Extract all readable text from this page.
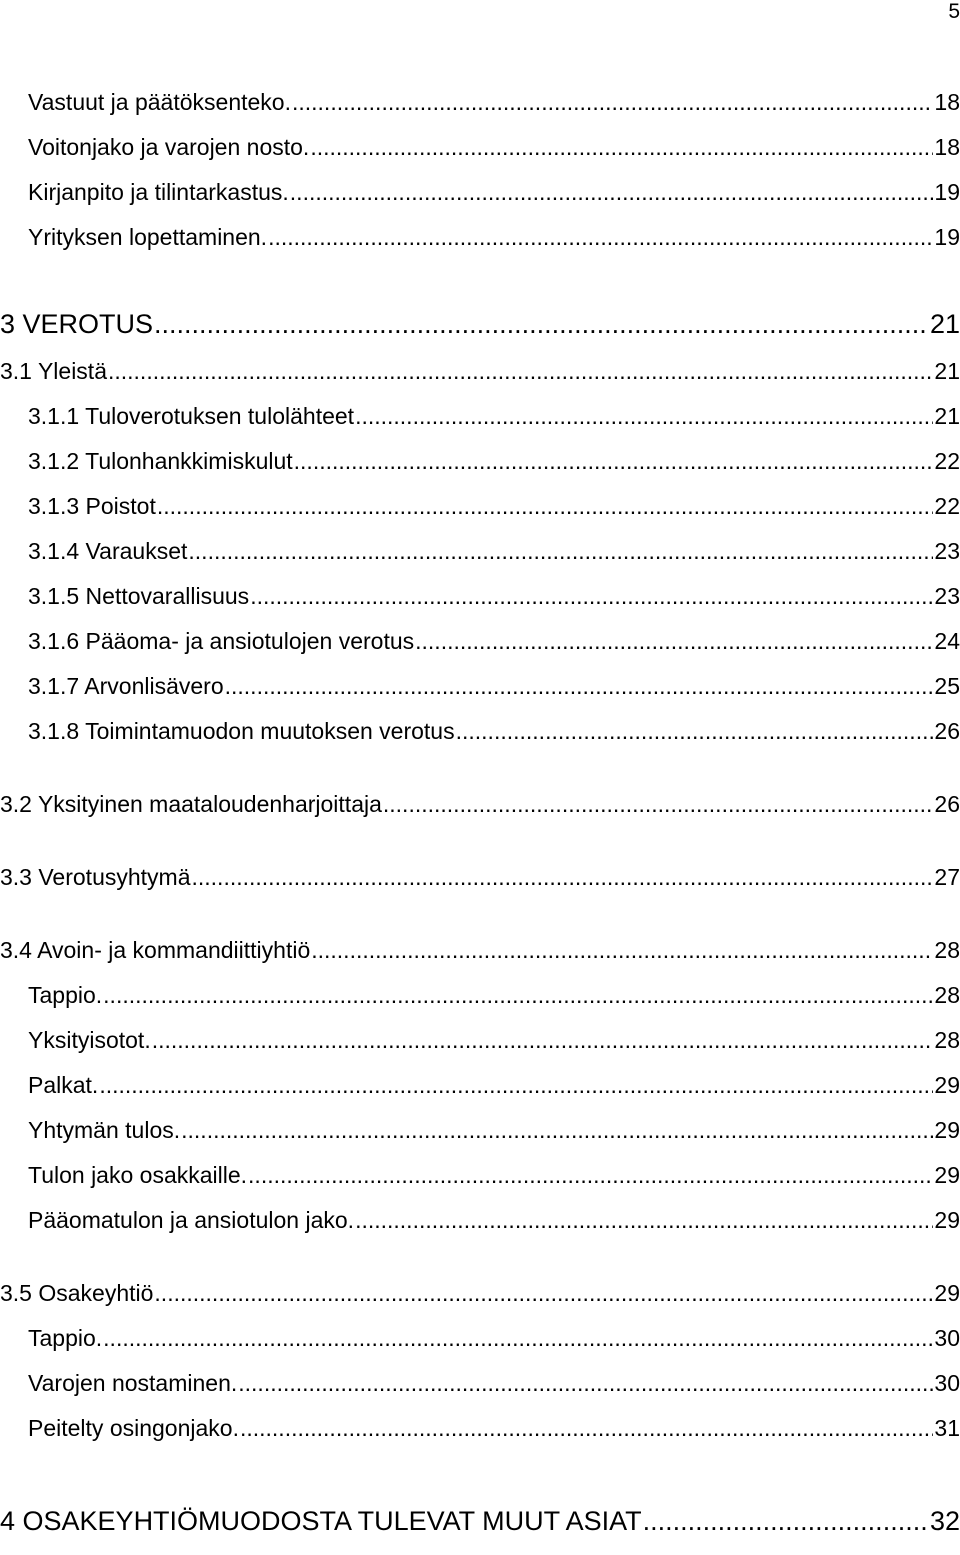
5
Vastuut ja päätöksenteko. .....	18
Voitonjako ja varojen nosto. .....	18
Kirjanpito ja tilintarkastus. .....	19
Yrityksen lopettaminen. .....	19
3 VEROTUS .....	21
3.1 Yleistä .....	21
3.1.1 Tuloverotuksen tulolähteet .....	21
3.1.2 Tulonhankkimiskulut .....	22
3.1.3 Poistot .....	22
3.1.4 Varaukset .....	23
3.1.5 Nettovarallisuus .....	23
3.1.6 Pääoma- ja ansiotulojen verotus .....	24
3.1.7 Arvonlisävero .....	25
3.1.8 Toimintamuodon muutoksen verotus .....	26
3.2 Yksityinen maataloudenharjoittaja .....	26
3.3 Verotusyhtymä .....	27
3.4 Avoin- ja kommandiittiyhtiö .....	28
Tappio. .....	28
Yksityisotot. .....	28
Palkat. .....	29
Yhtymän tulos. .....	29
Tulon jako osakkaille. .....	29
Pääomatulon ja ansiotulon jako. .....	29
3.5 Osakeyhtiö .....	29
Tappio. .....	30
Varojen nostaminen. .....	30
Peitelty osingonjako. .....	31
4 OSAKEYHTIÖMUODOSTA TULEVAT MUUT ASIAT .....	32
